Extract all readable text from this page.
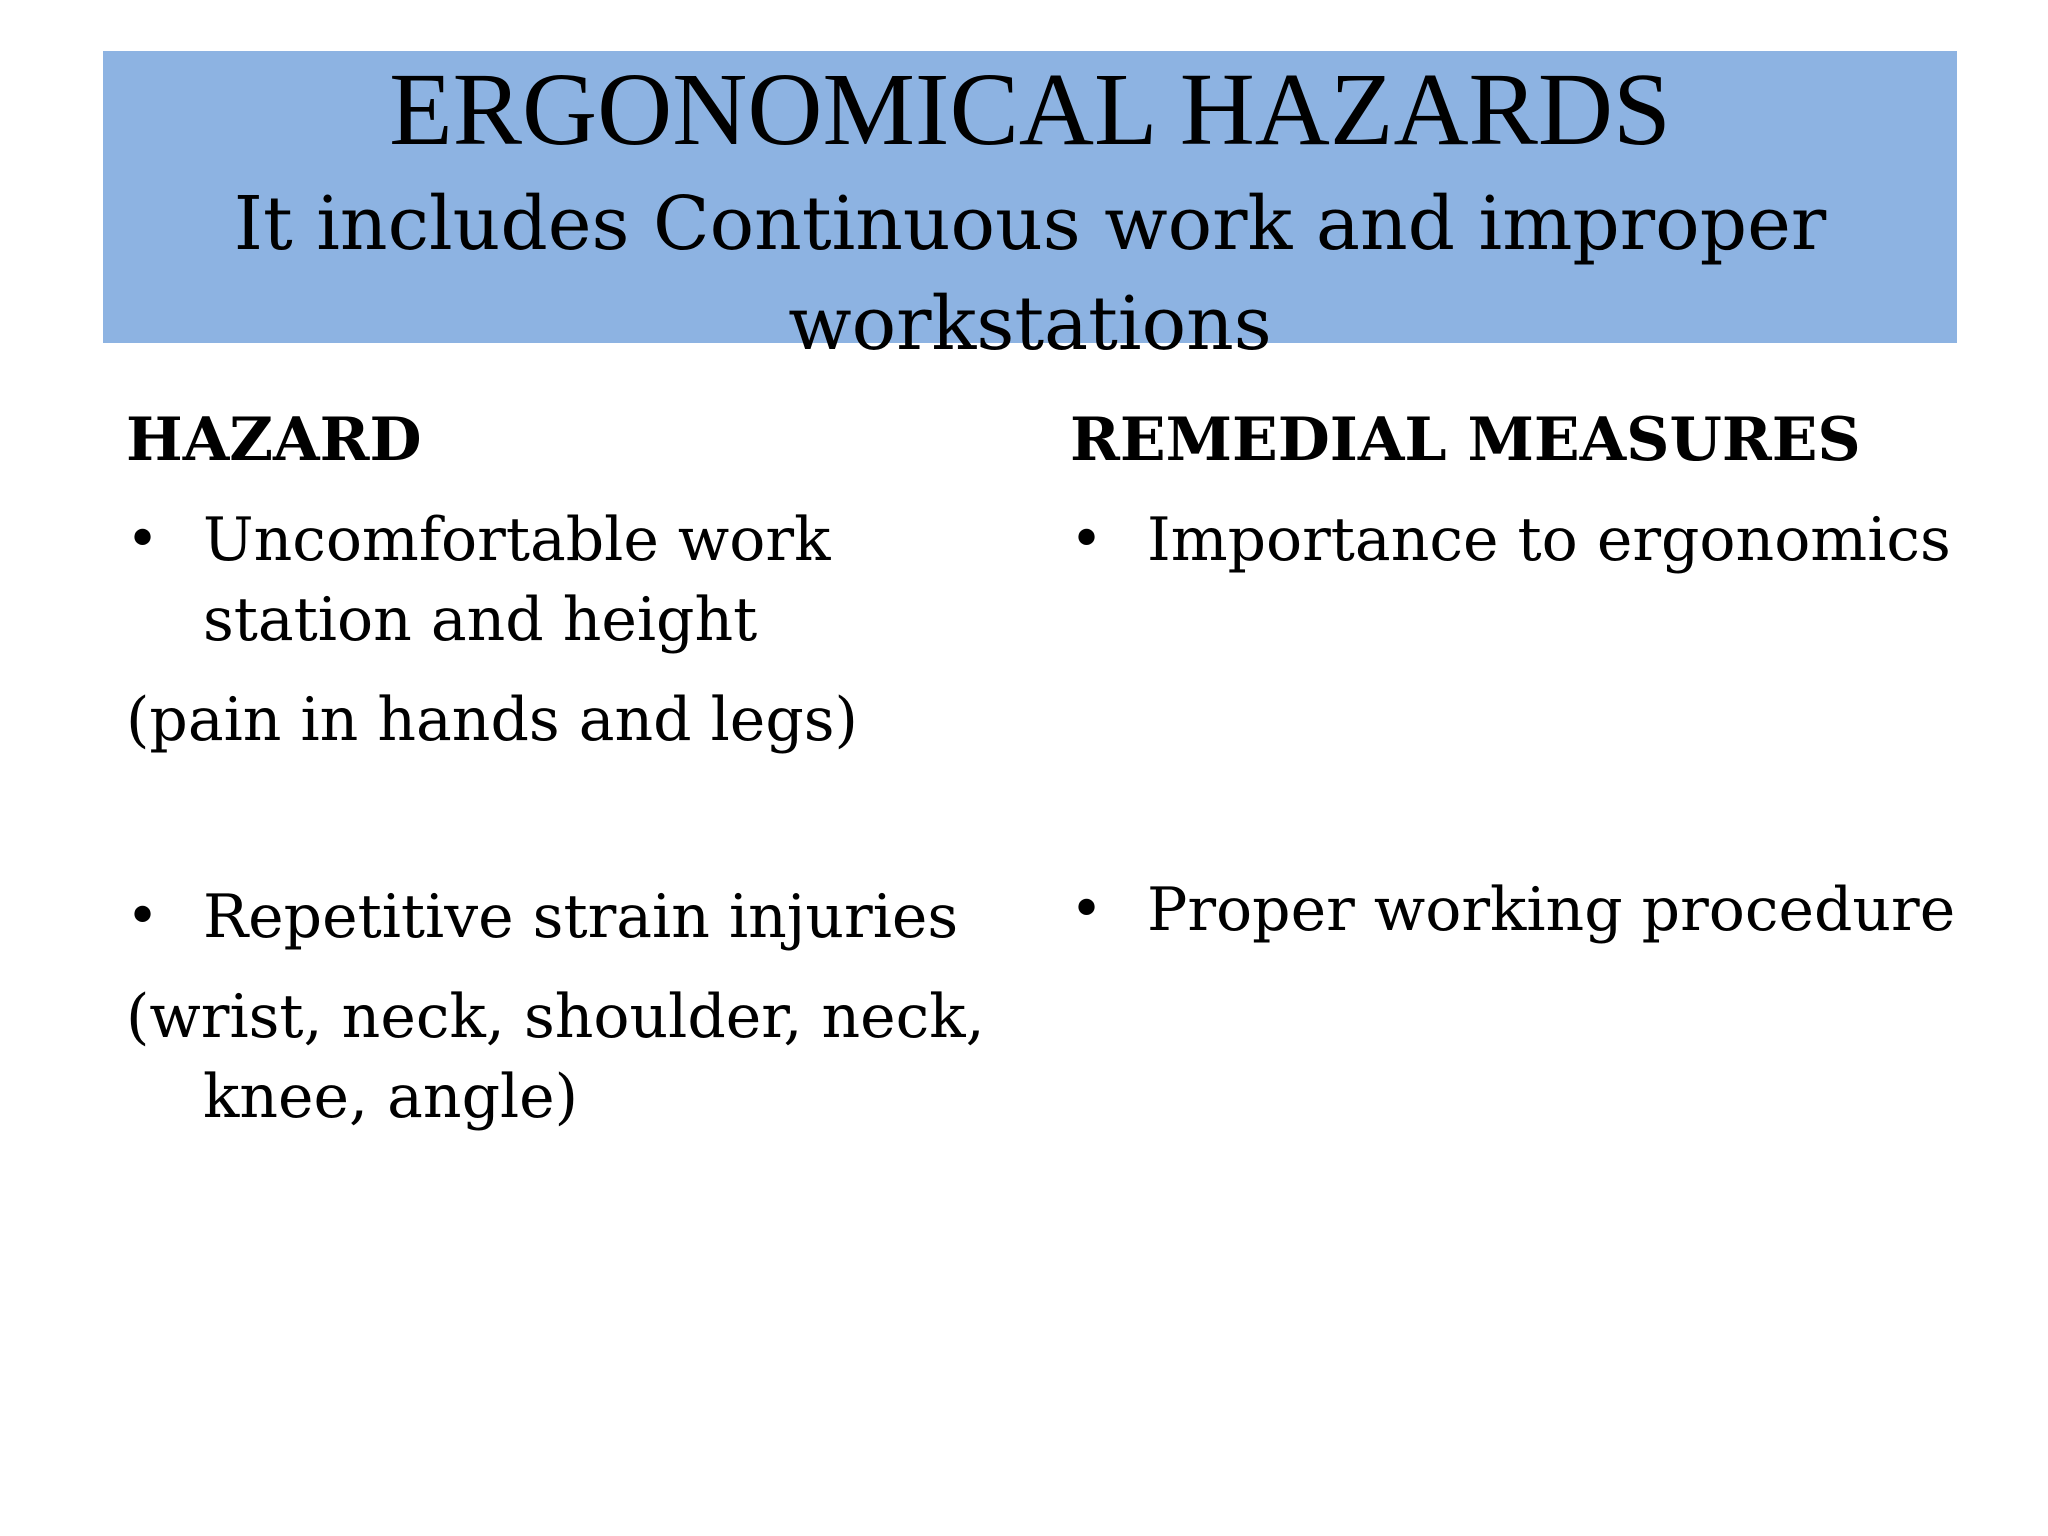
ERGONOMICAL HAZARDS
It includes Continuous work and improper
workstations
HAZARD
• Uncomfortable work station and height
(pain in hands and legs)
• Repetitive strain injuries
(wrist, neck, shoulder, neck, knee, angle)
REMEDIAL MEASURES
• Importance to ergonomics
• Proper working procedure
